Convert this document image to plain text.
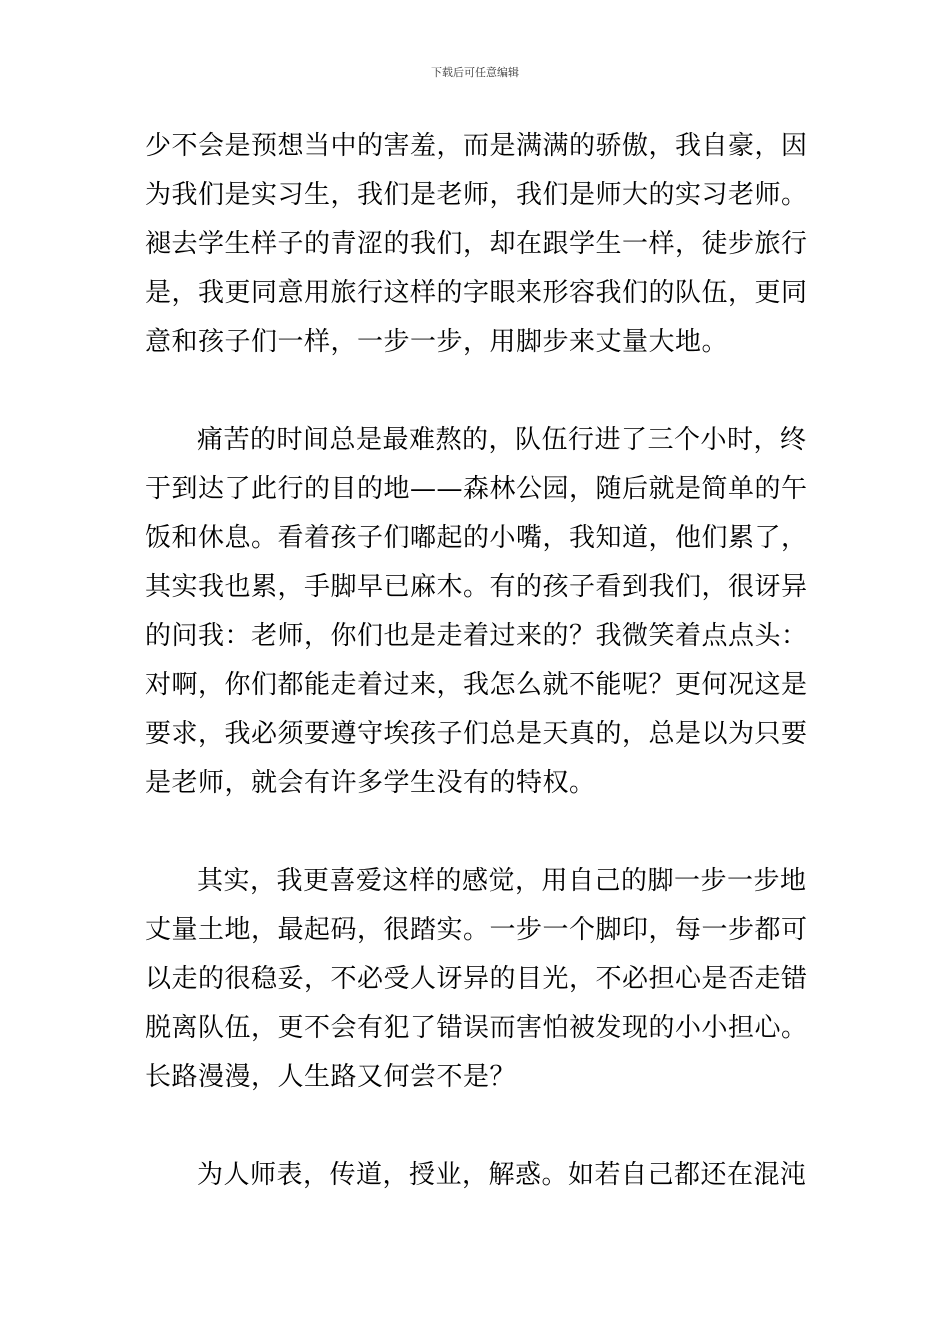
下载后可任意编辑
少不会是预想当中的害羞，而是满满的骄傲，我自豪，因
为我们是实习生，我们是老师，我们是师大的实习老师。
褪去学生样子的青涩的我们，却在跟学生一样，徒步旅行
是，我更同意用旅行这样的字眼来形容我们的队伍，更同
意和孩子们一样，一步一步，用脚步来丈量大地。
痛苦的时间总是最难熬的，队伍行进了三个小时，终
于到达了此行的目的地——森林公园，随后就是简单的午
饭和休息。看着孩子们嘟起的小嘴，我知道，他们累了，
其实我也累，手脚早已麻木。有的孩子看到我们，很讶异
的问我：老师，你们也是走着过来的？我微笑着点点头：
对啊，你们都能走着过来，我怎么就不能呢？更何况这是
要求，我必须要遵守埃孩子们总是天真的，总是以为只要
是老师，就会有许多学生没有的特权。
其实，我更喜爱这样的感觉，用自己的脚一步一步地
丈量土地，最起码，很踏实。一步一个脚印，每一步都可
以走的很稳妥，不必受人讶异的目光，不必担心是否走错
脱离队伍，更不会有犯了错误而害怕被发现的小小担心。
长路漫漫，人生路又何尝不是？
为人师表，传道，授业，解惑。如若自己都还在混沌
